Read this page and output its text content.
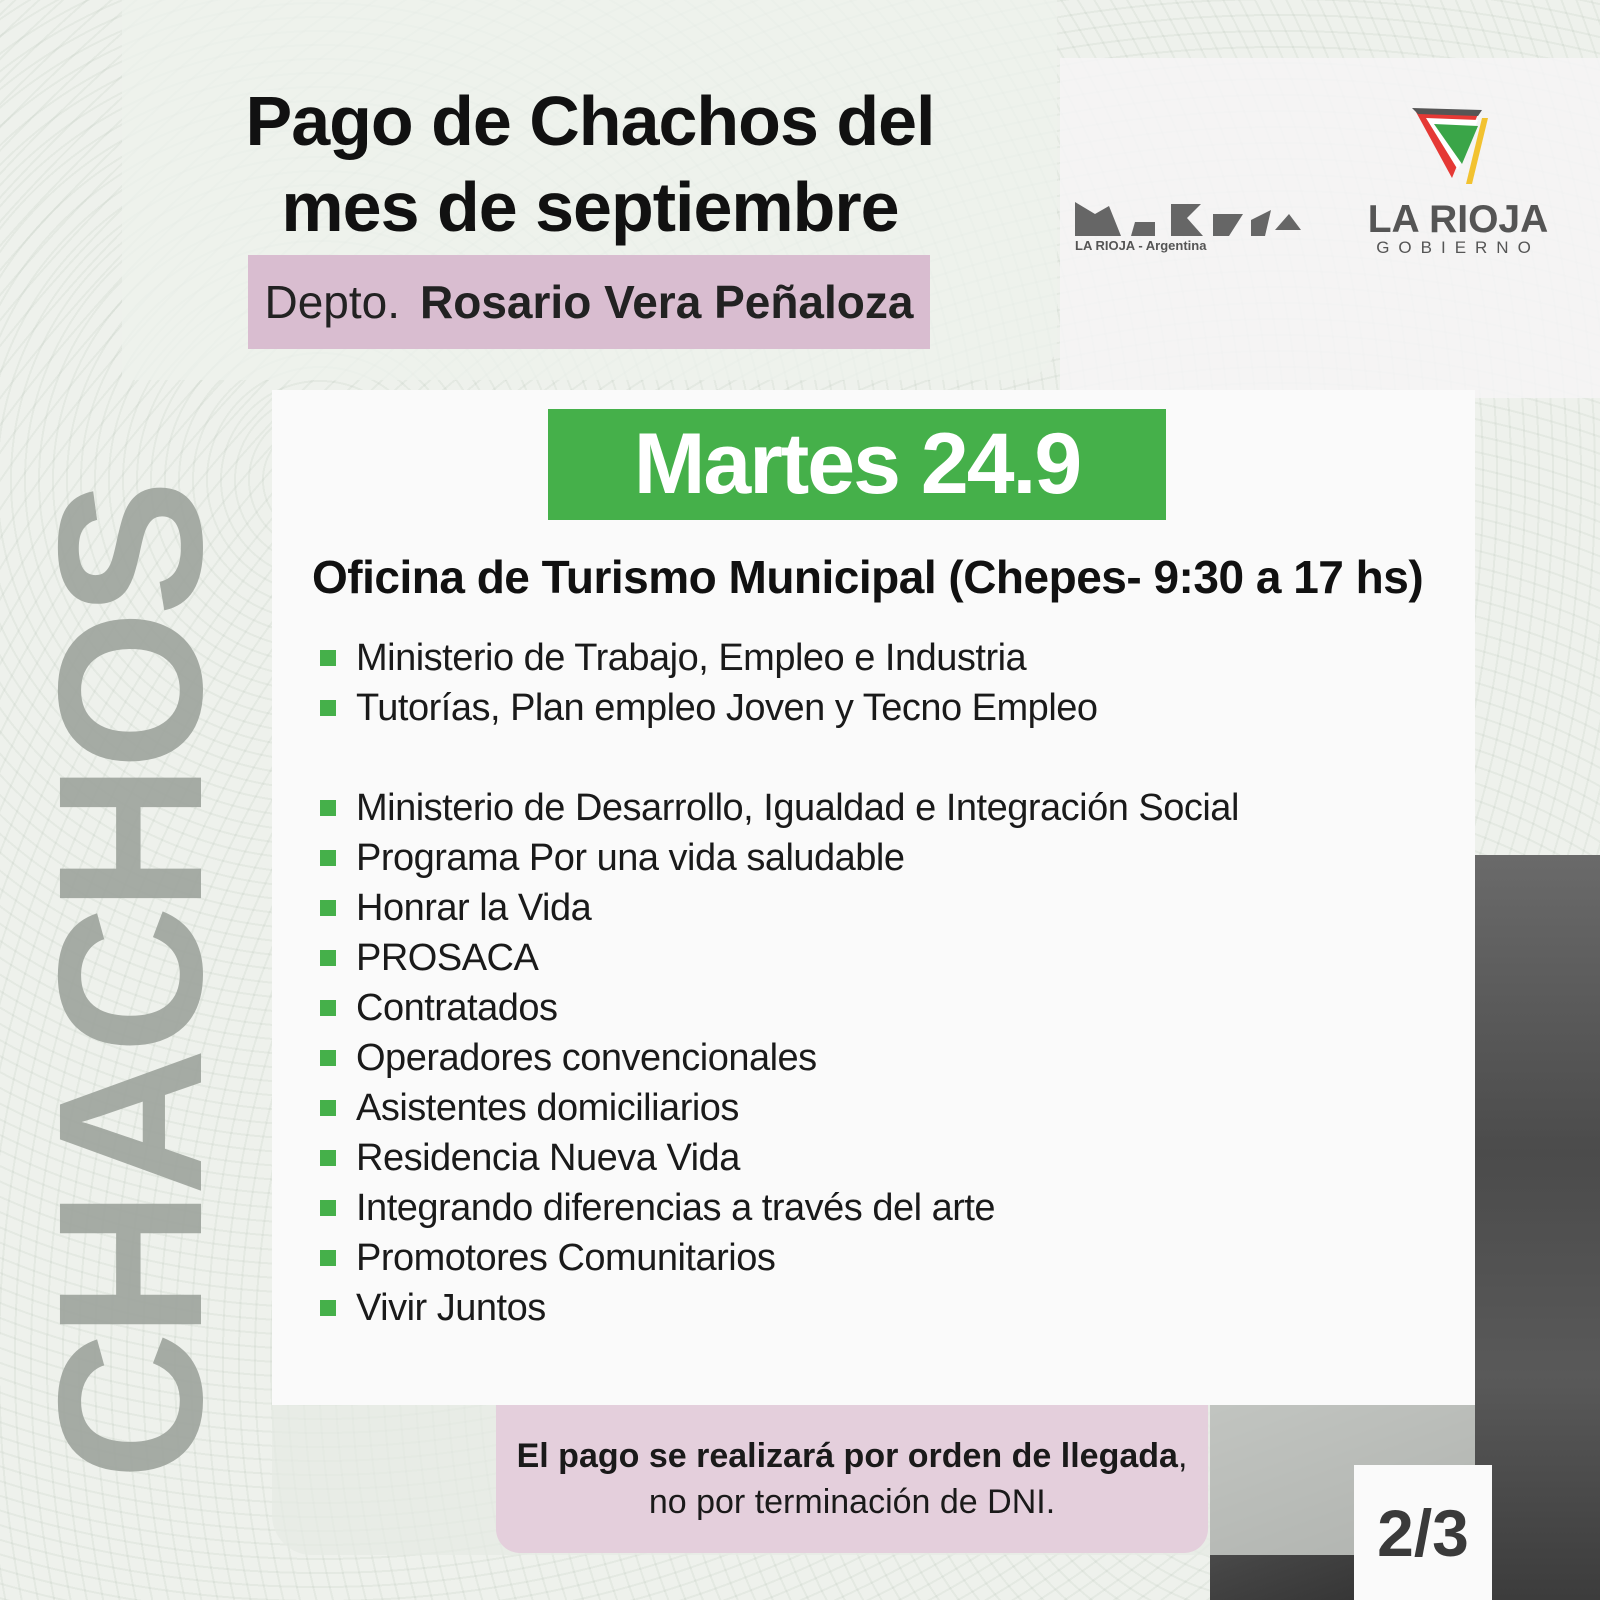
CHACHOS
Pago de Chachos del
mes de septiembre
Depto. Rosario Vera Peñaloza
LA RIOJA - Argentina
LA RIOJA
GOBIERNO
Martes 24.9
Oficina de Turismo Municipal (Chepes- 9:30 a 17 hs)
Ministerio de Trabajo, Empleo e Industria
Tutorías, Plan empleo Joven y Tecno Empleo
Ministerio de Desarrollo, Igualdad e Integración Social
Programa Por una vida saludable
Honrar la Vida
PROSACA
Contratados
Operadores convencionales
Asistentes domiciliarios
Residencia Nueva Vida
Integrando diferencias a través del arte
Promotores Comunitarios
Vivir Juntos
El pago se realizará por orden de llegada,
no por terminación de DNI.	2/3
